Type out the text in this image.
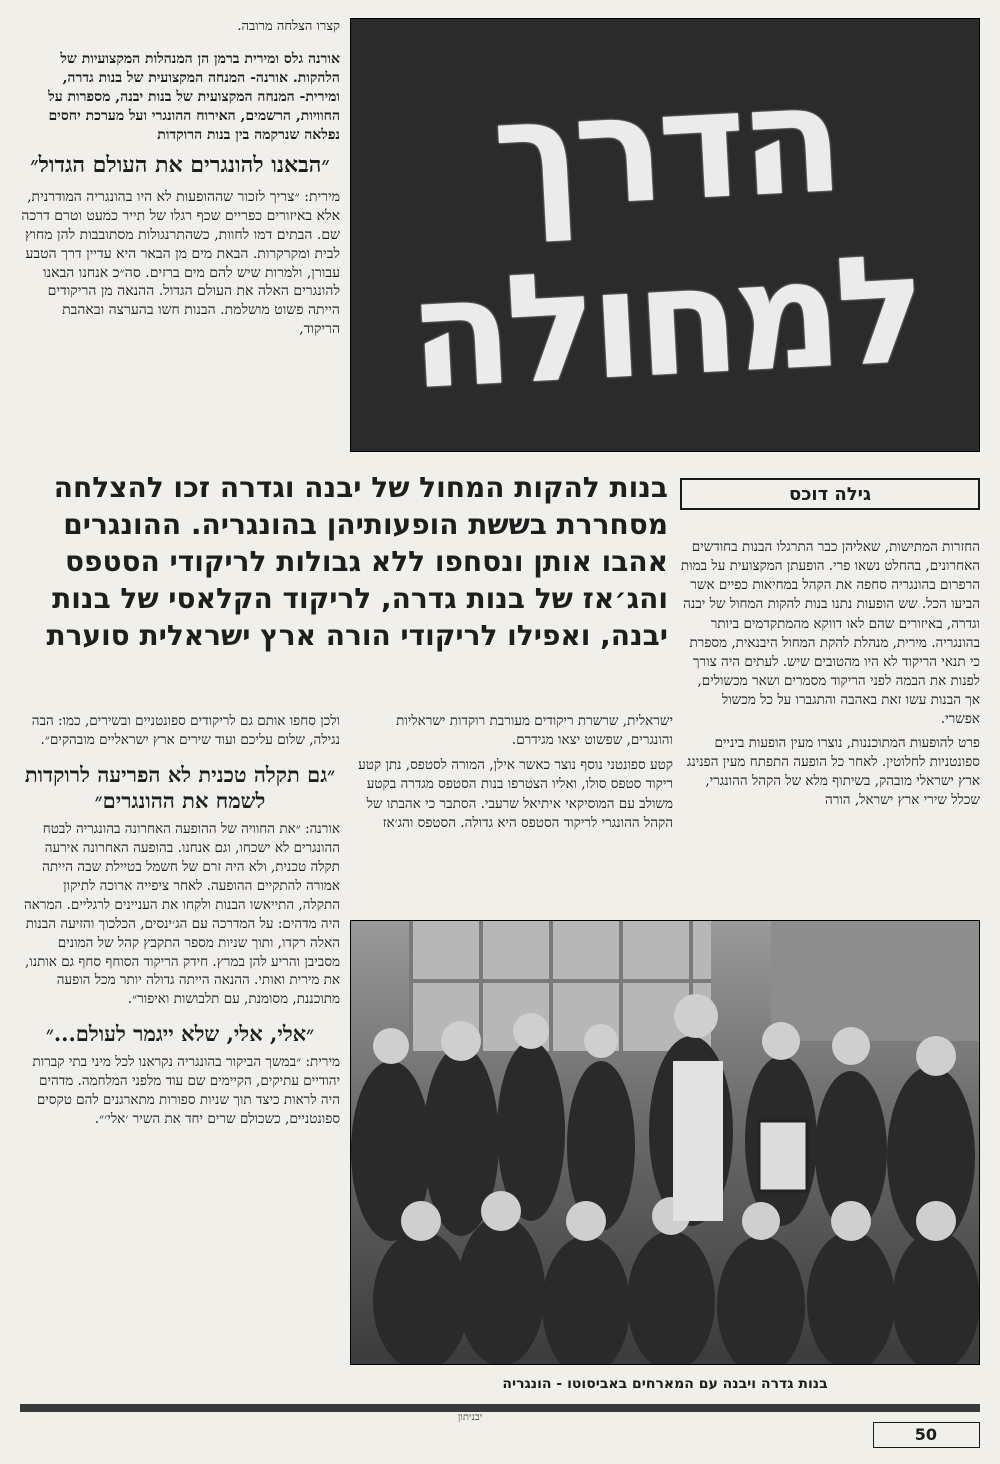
קצרו הצלחה מרובה.

אורנה גלס ומירית ברמן הן המנהלות המקצועיות של הלהקות. אורנה- המנחה המקצועית של בנות גדרה, ומירית- המנחה המקצועית של בנות יבנה, מספרות על החוויות, הרשמים, האירוח ההונגרי ועל מערכת יחסים נפלאה שנרקמה בין בנות הרוקדות

״הבאנו להונגרים את העולם הגדול״

מירית: ״צריך לזכור שההופעות לא היו בהונגריה המודרנית, אלא באיזורים כפריים שכף רגלו של תייר כמעט וטרם דרכה שם. הבתים דמו לחוות, כשהתרנגולות מסתובבות להן מחוץ לבית ומקרקרות. הבאת מים מן הבאר היא עדיין דרך הטבע עבורן, ולמרות שיש להם מים ברזים. סה״כ אנחנו הבאנו להונגרים האלה את העולם הגדול. ההנאה מן הריקודים הייתה פשוט מושלמת. הבנות חשו בהערצה ובאהבת הריקוד,

הדרך
למחולה
בנות להקות המחול של יבנה וגדרה זכו להצלחה מסחררת בששת הופעותיהן בהונגריה. ההונגרים אהבו אותן ונסחפו ללא גבולות לריקודי הסטפס והג׳אז של בנות גדרה, לריקוד הקלאסי של בנות יבנה, ואפילו לריקודי הורה ארץ ישראלית סוערת
גילה דוכס

החזרות המתישות, שאליהן כבר התרגלו הבנות בחודשים האחרונים, בהחלט נשאו פרי. הופעתן המקצועית על במות הרפרום בהונגריה סחפה את הקהל במחיאות כפיים אשר הביעו הכל. שש הופעות נתנו בנות להקות המחול של יבנה וגדרה, באיזורים שהם לאו דווקא מהמתקדמים ביותר בהונגריה. מירית, מנהלת להקת המחול היבנאית, מספרת כי תנאי הריקוד לא היו מהטובים שיש. לעתים היה צורך לפנות את הבמה לפני הריקוד מסמרים ושאר מכשולים, אך הבנות עשו זאת באהבה והתגברו על כל מכשול אפשרי.

פרט להופעות המתוכננות, נוצרו מעין הופעות ביניים ספונטניות לחלוטין. לאחר כל הופעה התפתח מעין הפנינג ארץ ישראלי מובהק, בשיתוף מלא של הקהל ההונגרי, שכלל שירי ארץ ישראל, הורה

ישראלית, שרשרת ריקודים מעורבת רוקדות ישראליות והונגרים, שפשוט יצאו מגידרם.

קטע ספונטני נוסף נוצר כאשר אילן, המורה לסטפס, נתן קטע ריקוד סטפס סולו, ואליו הצטרפו בנות הסטפס מגדרה בקטע משולב עם המוסיקאי איתיאל שרעבי. הסתבר כי אהבתו של הקהל ההונגרי לריקוד הסטפס היא גדולה. הסטפס והג׳אז

ולכן סחפו אותם גם לריקודים ספונטניים ובשירים, כמו: הבה נגילה, שלום עליכם ועוד שירים ארץ ישראליים מובהקים״.

״גם תקלה טכנית לא הפריעה לרוקדות לשמח את ההונגרים״

אורנה: ״את החוויה של ההופעה האחרונה בהונגריה לבטח ההונגרים לא ישכחו, וגם אנחנו. בהופעה האחרונה אירעה תקלה טכנית, ולא היה זרם של חשמל בטיילת שבה הייתה אמורה להתקיים ההופעה. לאחר ציפייה ארוכה לתיקון התקלה, התייאשו הבנות ולקחו את העניינים לרגליים. המראה היה מדהים: על המדרכה עם הג׳ינסים, הכלכוך והזיעה הבנות האלה רקדו, ותוך שניות מספר התקבץ קהל של המונים מסביבן והריע להן במרץ. חידק הריקוד הסוחף סחף גם אותנו, את מירית ואותי. ההנאה הייתה גדולה יותר מכל הופעה מתוכננת, מסומנת, עם תלבושות ואיפור״.

״אלי, אלי, שלא ייגמר לעולם...״

מירית: ״במשך הביקור בהונגריה נקראנו לכל מיני בתי קברות יהודיים עתיקים, הקיימים שם עוד מלפני המלחמה. מדהים היה לראות כיצד תוך שניות ספורות מתארגנים להם טקסים ספונטניים, כשכולם שרים יחד את השיר ׳אלי׳״.

בנות גדרה ויבנה עם המארחים באביסוטו - הונגריה
יבניתון
50
